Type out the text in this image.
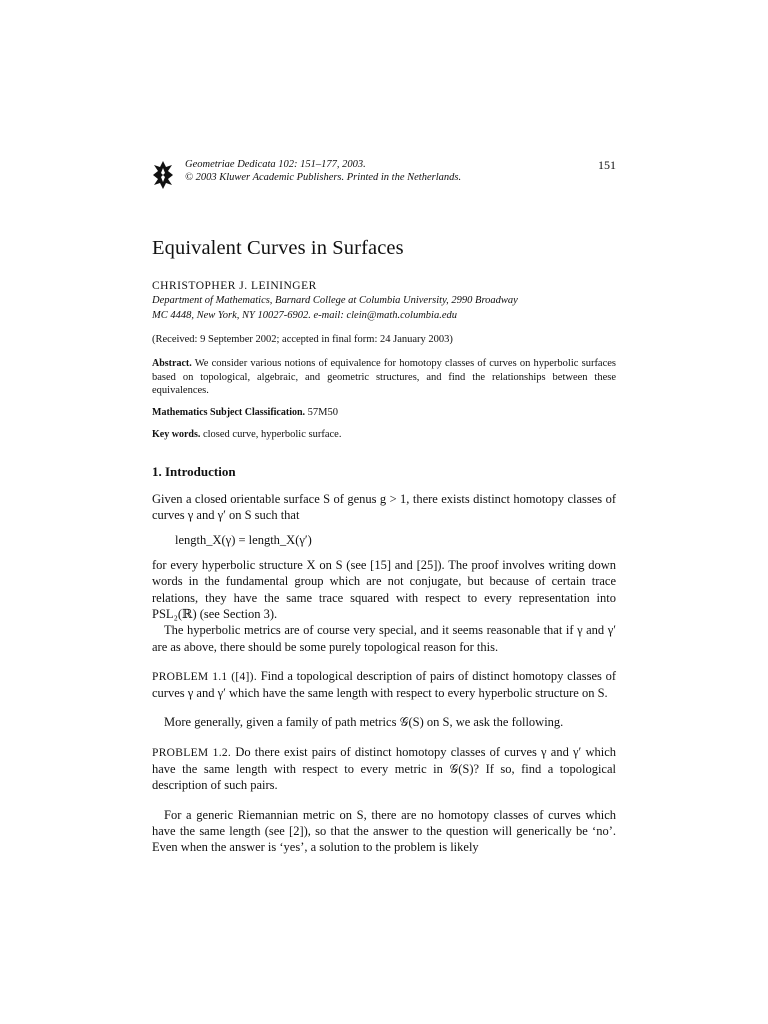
Geometriae Dedicata 102: 151–177, 2003.
© 2003 Kluwer Academic Publishers. Printed in the Netherlands.
151
Equivalent Curves in Surfaces
CHRISTOPHER J. LEININGER
Department of Mathematics, Barnard College at Columbia University, 2990 Broadway
MC 4448, New York, NY 10027-6902. e-mail: clein@math.columbia.edu
(Received: 9 September 2002; accepted in final form: 24 January 2003)
Abstract. We consider various notions of equivalence for homotopy classes of curves on hyperbolic surfaces based on topological, algebraic, and geometric structures, and find the relationships between these equivalences.
Mathematics Subject Classification. 57M50
Key words. closed curve, hyperbolic surface.
1. Introduction
Given a closed orientable surface S of genus g > 1, there exists distinct homotopy classes of curves γ and γ′ on S such that
length_X(γ) = length_X(γ′)
for every hyperbolic structure X on S (see [15] and [25]). The proof involves writing down words in the fundamental group which are not conjugate, but because of certain trace relations, they have the same trace squared with respect to every representation into PSL₂(ℝ) (see Section 3).
The hyperbolic metrics are of course very special, and it seems reasonable that if γ and γ′ are as above, there should be some purely topological reason for this.
PROBLEM 1.1 ([4]). Find a topological description of pairs of distinct homotopy classes of curves γ and γ′ which have the same length with respect to every hyperbolic structure on S.
More generally, given a family of path metrics 𝒢(S) on S, we ask the following.
PROBLEM 1.2. Do there exist pairs of distinct homotopy classes of curves γ and γ′ which have the same length with respect to every metric in 𝒢(S)? If so, find a topological description of such pairs.
For a generic Riemannian metric on S, there are no homotopy classes of curves which have the same length (see [2]), so that the answer to the question will generically be ‘no’. Even when the answer is ‘yes’, a solution to the problem is likely
